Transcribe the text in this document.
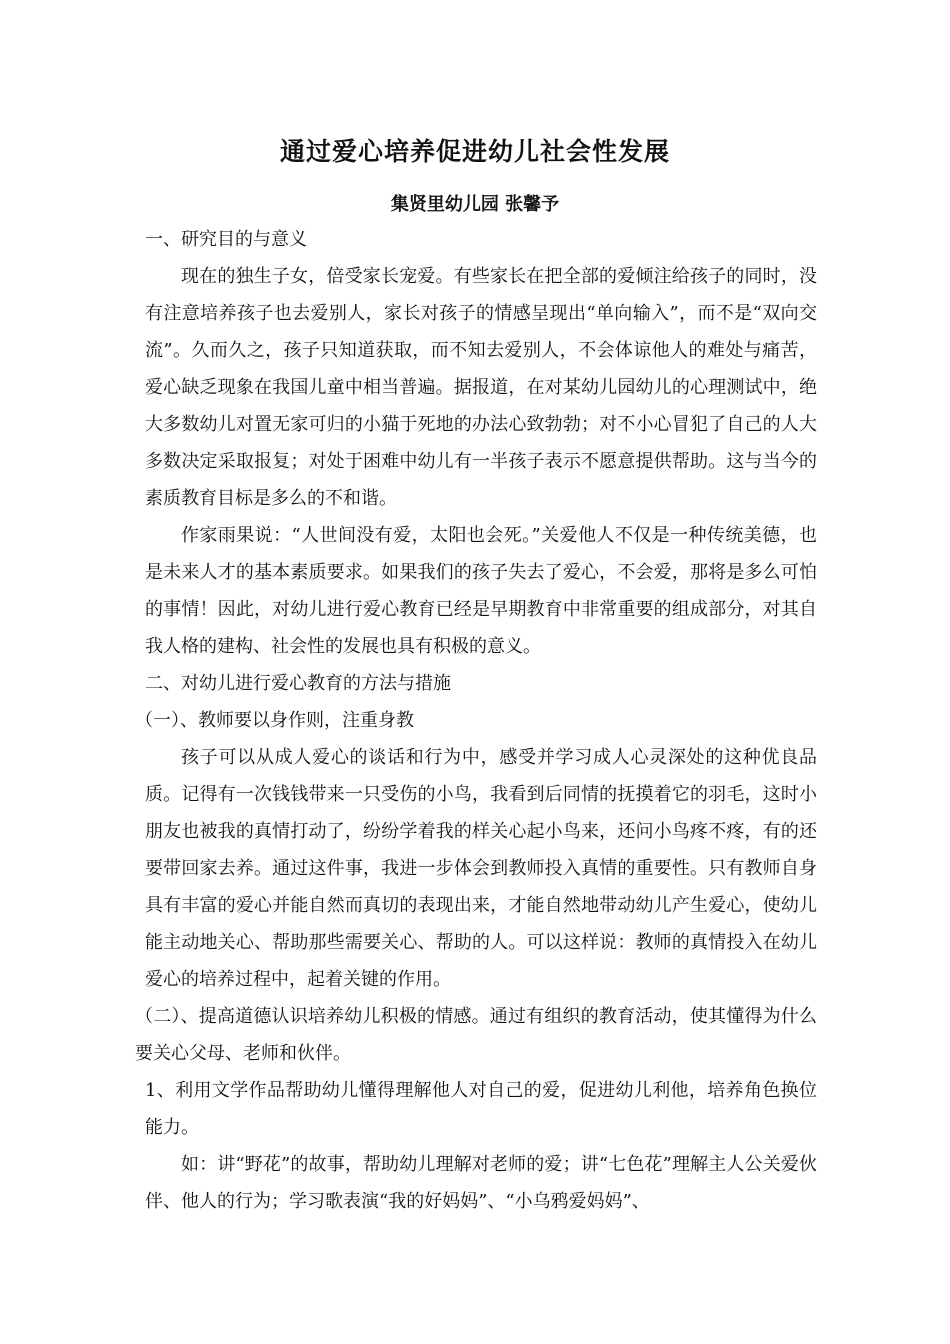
通过爱心培养促进幼儿社会性发展
集贤里幼儿园 张馨予

一、研究目的与意义

现在的独生子女，倍受家长宠爱。有些家长在把全部的爱倾注给孩子的同时，没有注意培养孩子也去爱别人，家长对孩子的情感呈现出“单向输入”，而不是“双向交流”。久而久之，孩子只知道获取，而不知去爱别人，不会体谅他人的难处与痛苦，爱心缺乏现象在我国儿童中相当普遍。据报道，在对某幼儿园幼儿的心理测试中，绝大多数幼儿对置无家可归的小猫于死地的办法心致勃勃；对不小心冒犯了自己的人大多数决定采取报复；对处于困难中幼儿有一半孩子表示不愿意提供帮助。这与当今的素质教育目标是多么的不和谐。

作家雨果说：“人世间没有爱，太阳也会死。”关爱他人不仅是一种传统美德，也是未来人才的基本素质要求。如果我们的孩子失去了爱心，不会爱，那将是多么可怕的事情！因此，对幼儿进行爱心教育已经是早期教育中非常重要的组成部分，对其自我人格的建构、社会性的发展也具有积极的意义。

二、对幼儿进行爱心教育的方法与措施

（一）、教师要以身作则，注重身教

孩子可以从成人爱心的谈话和行为中，感受并学习成人心灵深处的这种优良品质。记得有一次钱钱带来一只受伤的小鸟，我看到后同情的抚摸着它的羽毛，这时小朋友也被我的真情打动了，纷纷学着我的样关心起小鸟来，还问小鸟疼不疼，有的还要带回家去养。通过这件事，我进一步体会到教师投入真情的重要性。只有教师自身具有丰富的爱心并能自然而真切的表现出来，才能自然地带动幼儿产生爱心，使幼儿能主动地关心、帮助那些需要关心、帮助的人。可以这样说：教师的真情投入在幼儿爱心的培养过程中，起着关键的作用。

（二）、提高道德认识培养幼儿积极的情感。通过有组织的教育活动，使其懂得为什么要关心父母、老师和伙伴。

1、利用文学作品帮助幼儿懂得理解他人对自己的爱，促进幼儿利他，培养角色换位能力。

如：讲“野花”的故事，帮助幼儿理解对老师的爱；讲“七色花”理解主人公关爱伙伴、他人的行为；学习歌表演“我的好妈妈”、“小乌鸦爱妈妈”、
